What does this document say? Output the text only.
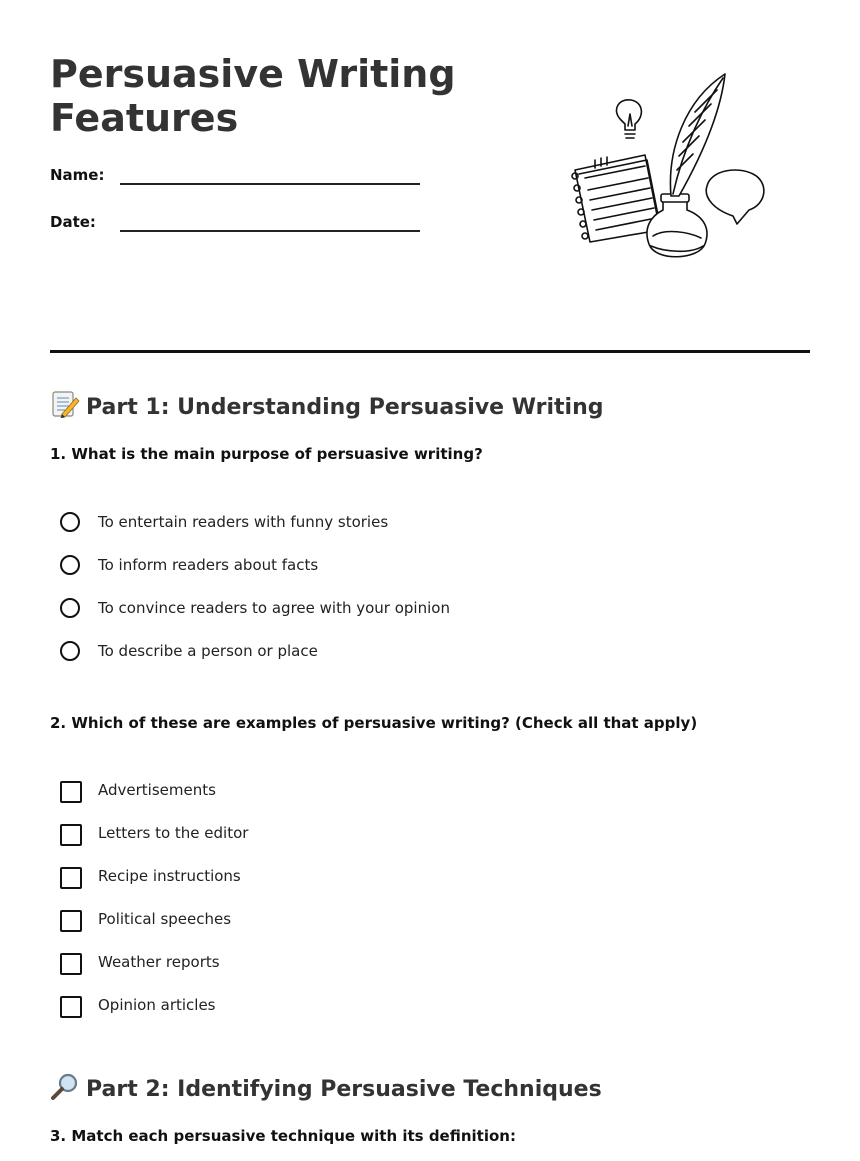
Persuasive Writing Features
Name:
Date:
Part 1: Understanding Persuasive Writing

1. What is the main purpose of persuasive writing?

To entertain readers with funny stories
To inform readers about facts
To convince readers to agree with your opinion
To describe a person or place

2. Which of these are examples of persuasive writing? (Check all that apply)

Advertisements
Letters to the editor
Recipe instructions
Political speeches
Weather reports
Opinion articles
Part 2: Identifying Persuasive Techniques

3. Match each persuasive technique with its definition:
